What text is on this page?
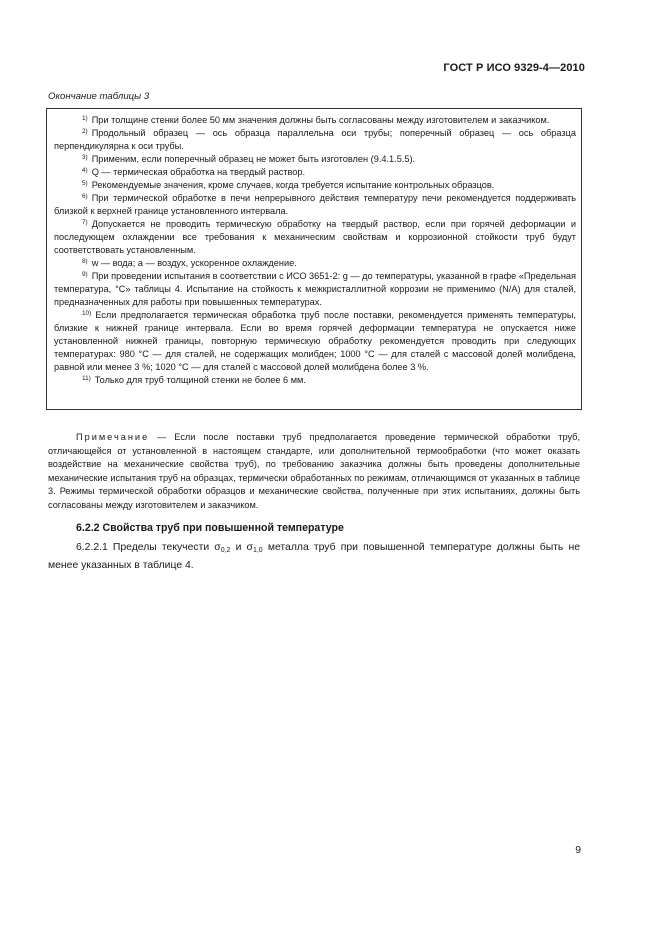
ГОСТ Р ИСО 9329-4—2010
Окончание таблицы 3

$^{1)}$ При толщине стенки более 50 мм значения должны быть согласованы между изготовителем и заказчиком.

$^{2)}$ Продольный образец — ось образца параллельна оси трубы; поперечный образец — ось образца перпендикулярна к оси трубы.

$^{3)}$ Применим, если поперечный образец не может быть изготовлен (9.4.1.5.5).

$^{4)}$ Q — термическая обработка на твердый раствор.

$^{5)}$ Рекомендуемые значения, кроме случаев, когда требуется испытание контрольных образцов.

$^{6)}$ При термической обработке в печи непрерывного действия температуру печи рекомендуется поддерживать близкой к верхней границе установленного интервала.

$^{7)}$ Допускается не проводить термическую обработку на твердый раствор, если при горячей деформации и последующем охлаждении все требования к механическим свойствам и коррозионной стойкости труб будут соответствовать установленным.

$^{8)}$ w — вода; a — воздух, ускоренное охлаждение.

$^{9)}$ При проведении испытания в соответствии с ИСО 3651-2: g — до температуры, указанной в графе «Предельная температура, °C» таблицы 4. Испытание на стойкость к межкристаллитной коррозии не применимо (N/A) для сталей, предназначенных для работы при повышенных температурах.

$^{10)}$ Если предполагается термическая обработка труб после поставки, рекомендуется применять температуры, близкие к нижней границе интервала. Если во время горячей деформации температура не опускается ниже установленной нижней границы, повторную термическую обработку рекомендуется проводить при следующих температурах: 980 °C — для сталей, не содержащих молибден; 1000 °C — для сталей с массовой долей молибдена, равной или менее 3 %; 1020 °C — для сталей с массовой долей молибдена более 3 %.

$^{11)}$ Только для труб толщиной стенки не более 6 мм.

Примечание — Если после поставки труб предполагается проведение термической обработки труб, отличающейся от установленной в настоящем стандарте, или дополнительной термообработки (что может оказать воздействие на механические свойства труб), по требованию заказчика должны быть проведены дополнительные механические испытания труб на образцах, термически обработанных по режимам, отличающимся от указанных в таблице 3. Режимы термической обработки образцов и механические свойства, полученные при этих испытаниях, должны быть согласованы между изготовителем и заказчиком.
6.2.2 Свойства труб при повышенной температуре
6.2.2.1 Пределы текучести $\sigma_{0,2}$ и $\sigma_{1,0}$ металла труб при повышенной температуре должны быть не менее указанных в таблице 4.
9
